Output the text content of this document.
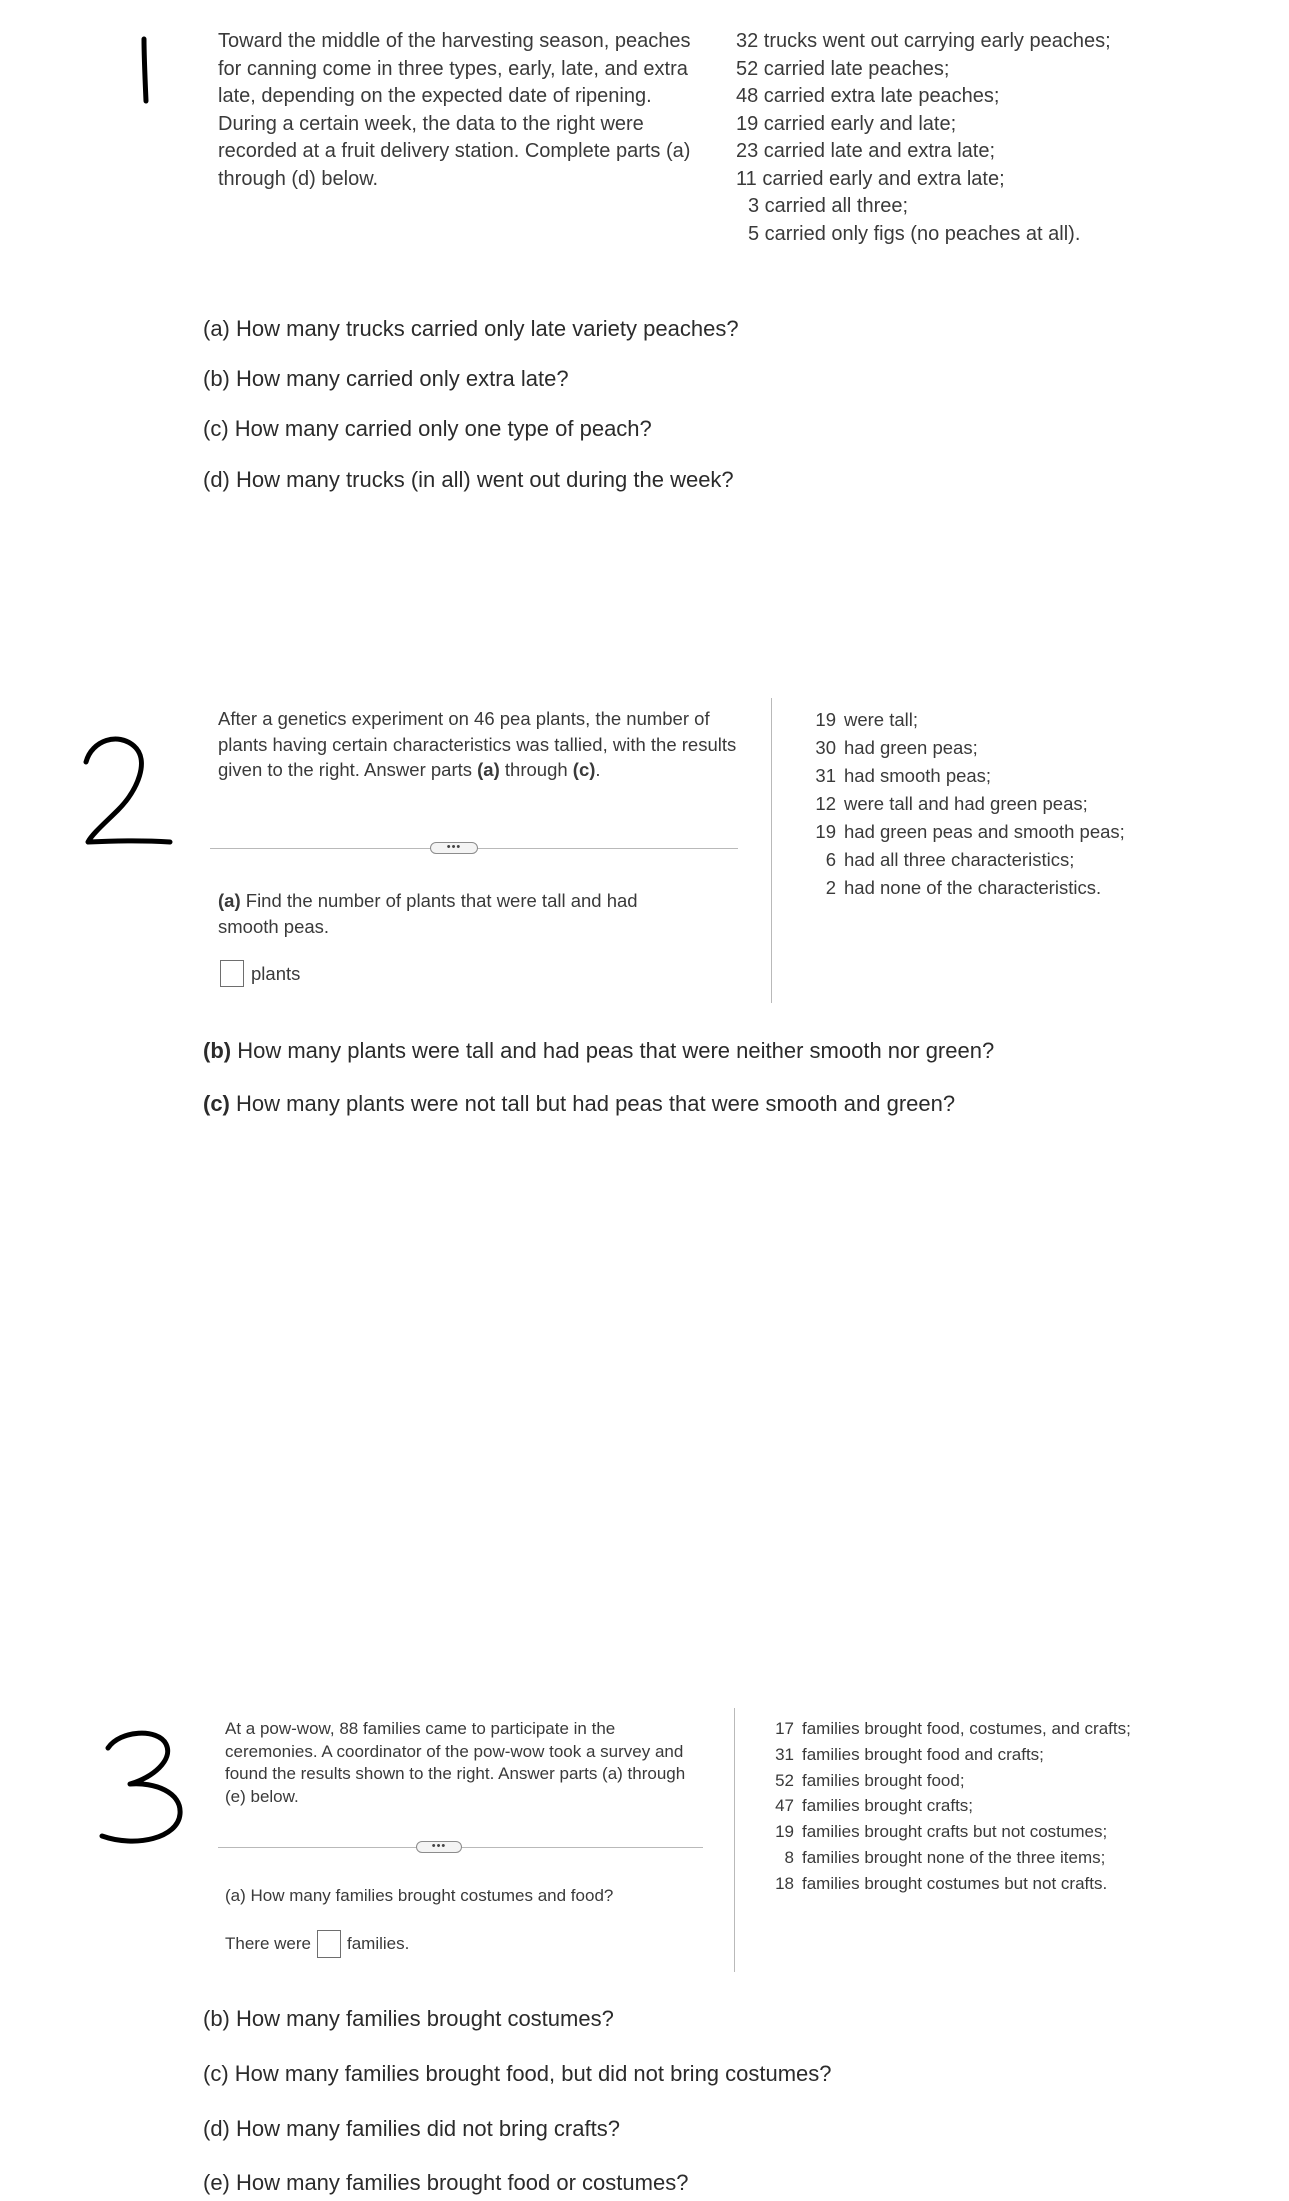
Toward the middle of the harvesting season, peaches for canning come in three types, early, late, and extra late, depending on the expected date of ripening. During a certain week, the data to the right were recorded at a fruit delivery station. Complete parts (a) through (d) below.
32 trucks went out carrying early peaches;
52 carried late peaches;
48 carried extra late peaches;
19 carried early and late;
23 carried late and extra late;
11 carried early and extra late;
3 carried all three;
5 carried only figs (no peaches at all).
(a) How many trucks carried only late variety peaches?
(b) How many carried only extra late?
(c) How many carried only one type of peach?
(d) How many trucks (in all) went out during the week?
After a genetics experiment on 46 pea plants, the number of plants having certain characteristics was tallied, with the results given to the right. Answer parts (a) through (c).
•••
(a) Find the number of plants that were tall and had smooth peas.
plants
19 were tall;
30 had green peas;
31 had smooth peas;
12 were tall and had green peas;
19 had green peas and smooth peas;
6 had all three characteristics;
2 had none of the characteristics.
(b) How many plants were tall and had peas that were neither smooth nor green?
(c) How many plants were not tall but had peas that were smooth and green?
At a pow-wow, 88 families came to participate in the ceremonies. A coordinator of the pow-wow took a survey and found the results shown to the right. Answer parts (a) through (e) below.
•••
(a) How many families brought costumes and food?
There were families.
17 families brought food, costumes, and crafts;
31 families brought food and crafts;
52 families brought food;
47 families brought crafts;
19 families brought crafts but not costumes;
8 families brought none of the three items;
18 families brought costumes but not crafts.
(b) How many families brought costumes?
(c) How many families brought food, but did not bring costumes?
(d) How many families did not bring crafts?
(e) How many families brought food or costumes?
